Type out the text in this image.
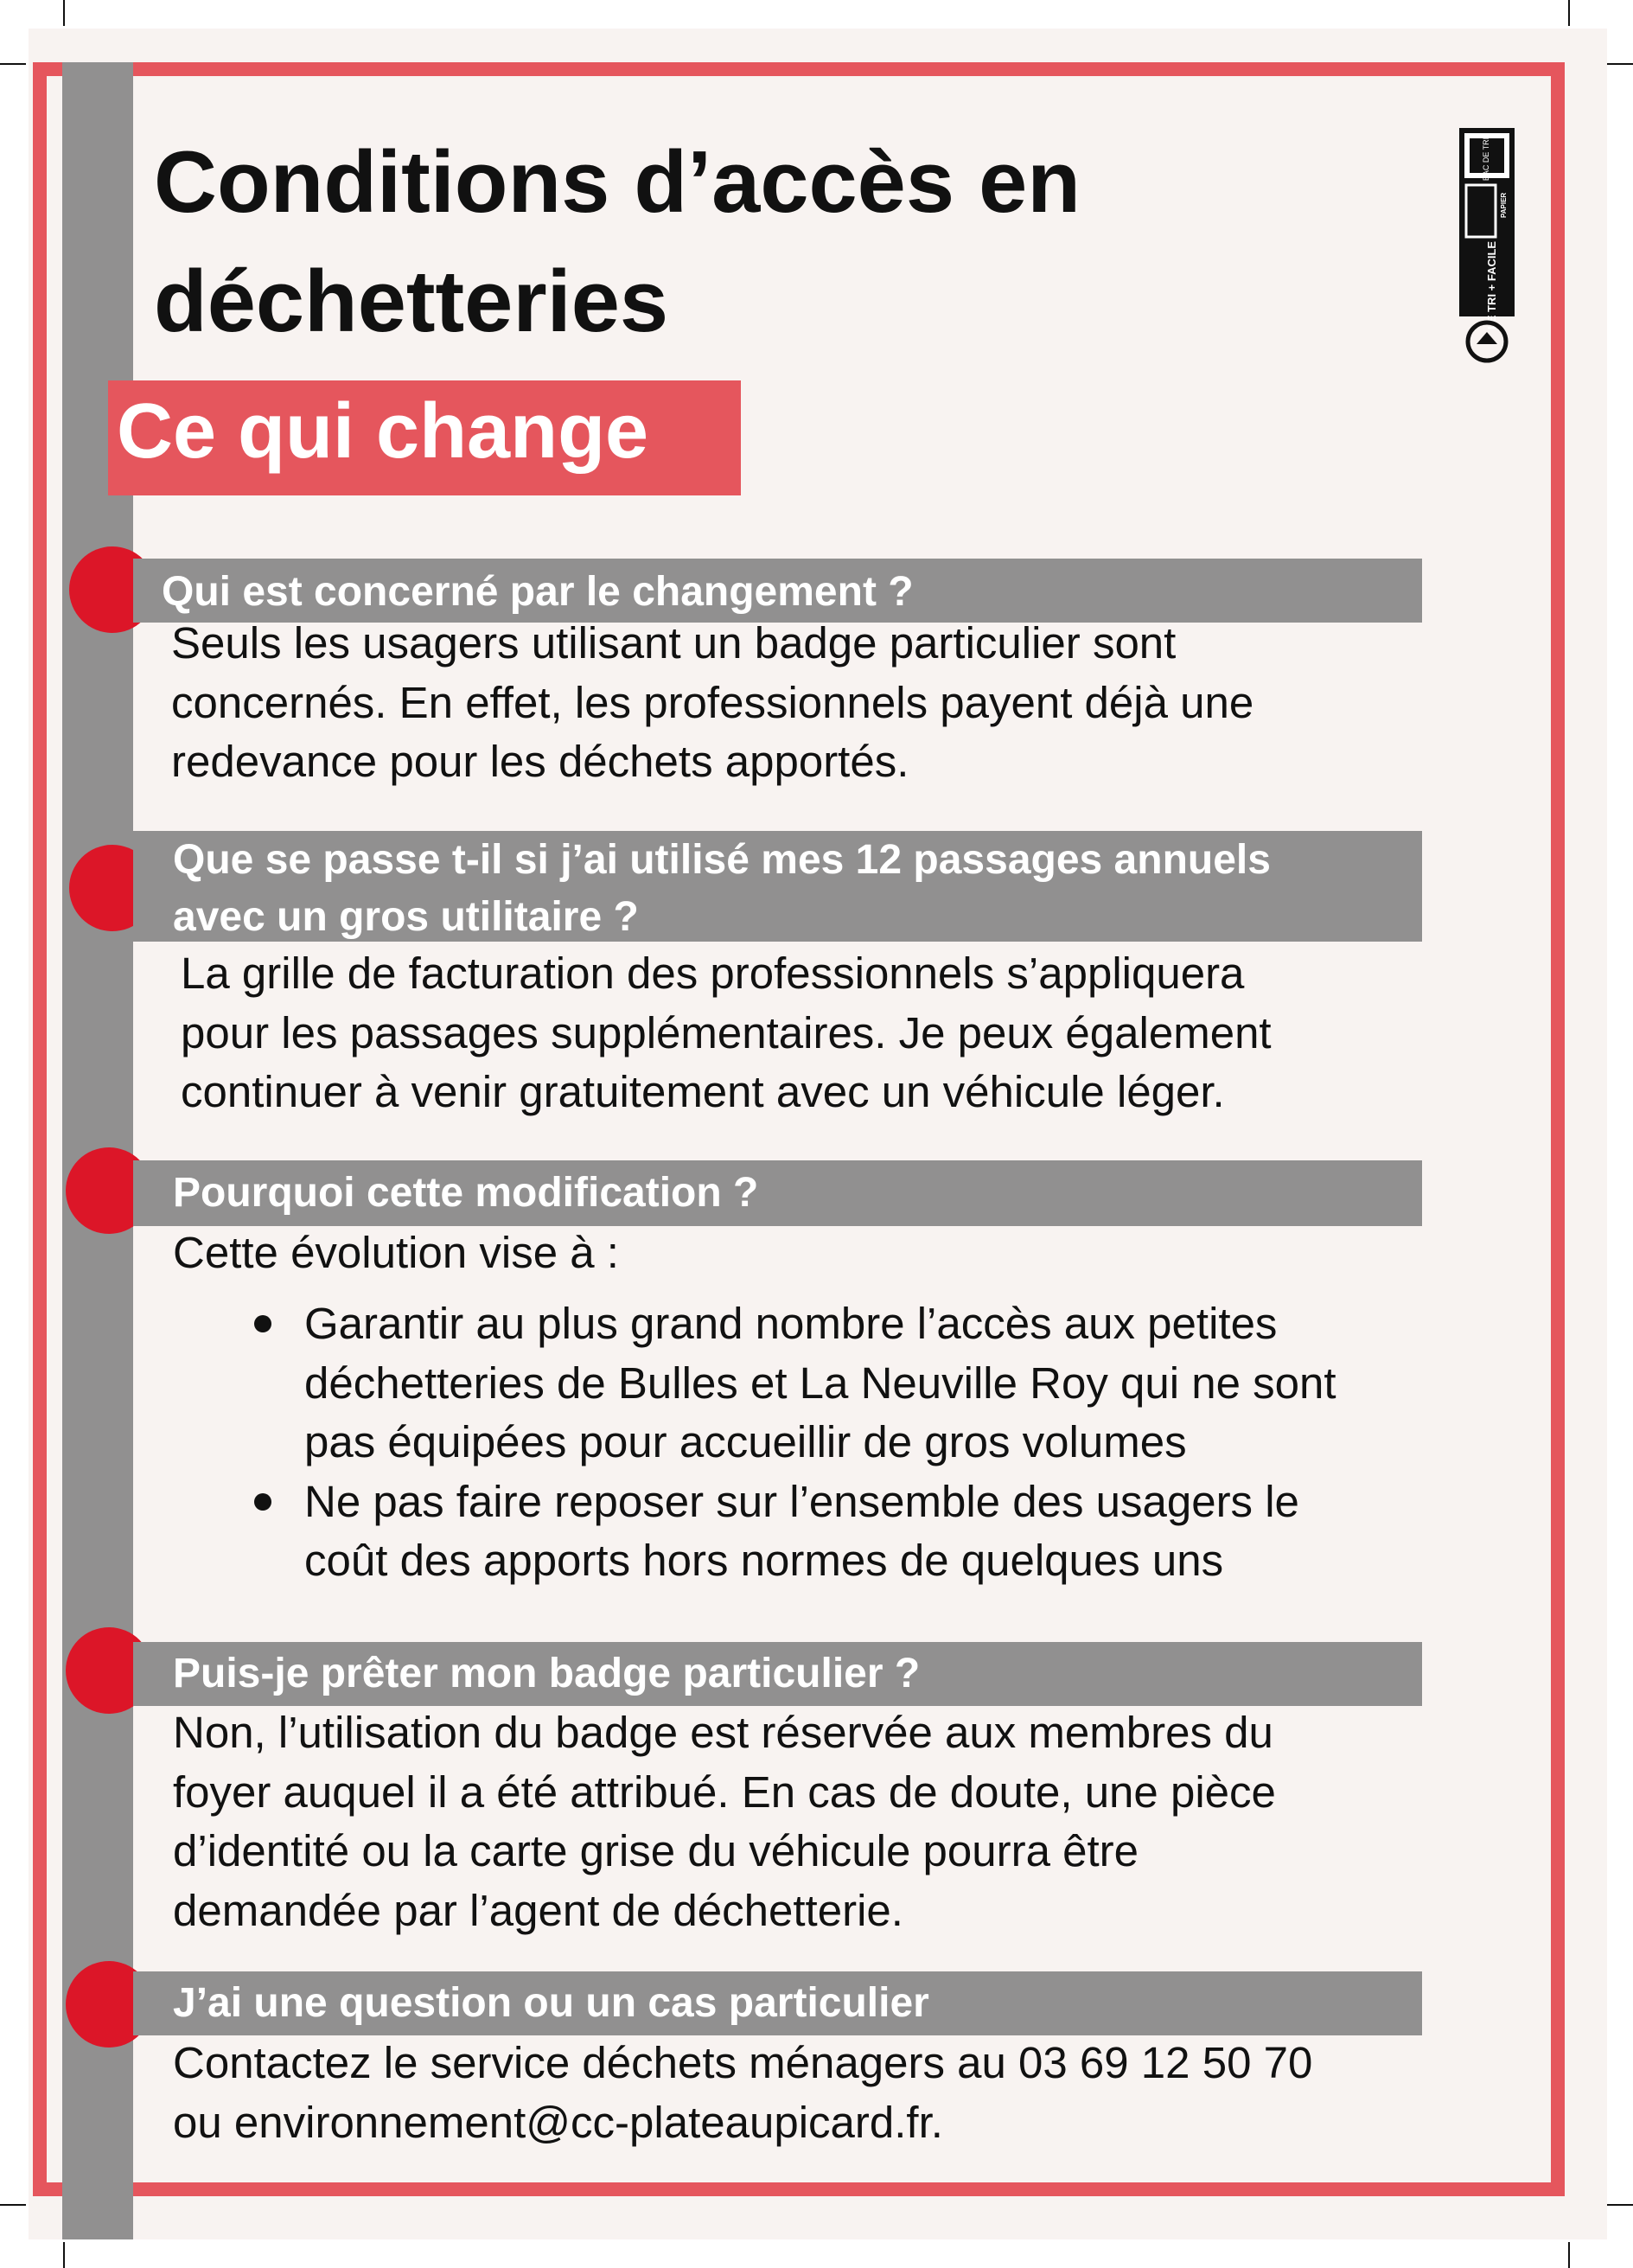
Conditions d’accès en
déchetteries
Ce qui change
BAC DE TRI
PAPIER
LE TRI + FACILE
Qui est concerné par le changement ?

Seuls les usagers utilisant un badge particulier sont
concernés. En effet, les professionnels payent déjà une
redevance pour les déchets apportés.

Que se passe t-il si j’ai utilisé mes 12 passages annuels
avec un gros utilitaire ?

La grille de facturation des professionnels s’appliquera
pour les passages supplémentaires. Je peux également
continuer à venir gratuitement avec un véhicule léger.

Pourquoi cette modification ?

Cette évolution vise à :

Garantir au plus grand nombre l’accès aux petites
déchetteries de Bulles et La Neuville Roy qui ne sont
pas équipées pour accueillir de gros volumes
Ne pas faire reposer sur l’ensemble des usagers le
coût des apports hors normes de quelques uns
Puis-je prêter mon badge particulier ?

Non, l’utilisation du badge est réservée aux membres du
foyer auquel il a été attribué. En cas de doute, une pièce
d’identité ou la carte grise du véhicule pourra être
demandée par l’agent de déchetterie.

J’ai une question ou un cas particulier

Contactez le service déchets ménagers au 03 69 12 50 70
ou environnement@cc-plateaupicard.fr.
